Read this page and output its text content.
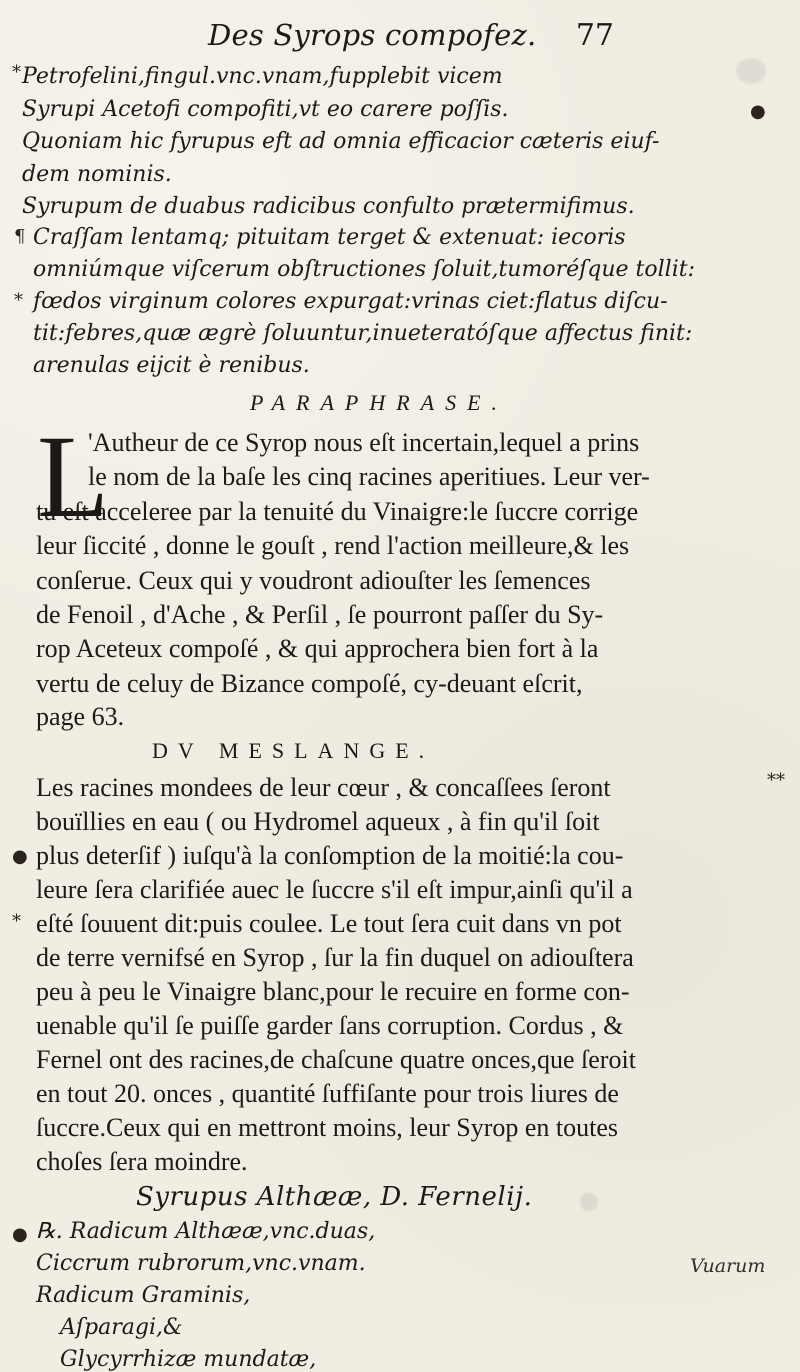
Des Syrops compofez. 77
* Petrofelini,fingul.vnc.vnam,fupplebit vicem
Syrupi Acetofi compofiti,vt eo carere poſſis.	●
Quoniam hic fyrupus eft ad omnia efficacior cæteris eiuf-
dem nominis.
Syrupum de duabus radicibus confulto prætermifimus.
¶ Craſſam lentamq; pituitam terget & extenuat: iecoris
omniúmque viſcerum obſtructiones ſoluit,tumoréſque tollit:
* fœdos virginum colores expurgat:vrinas ciet:flatus diſcu-
tit:febres,quæ ægrè ſoluuntur,inueteratóſque affectus finit:
arenulas eijcit è renibus.
PARAPHRASE.
L
'Autheur de ce Syrop nous eſt incertain,lequel a prins
le nom de la baſe les cinq racines aperitiues. Leur ver-
tu eſt acceleree par la tenuité du Vinaigre:le ſuccre corrige
leur ſiccité , donne le gouſt , rend l'action meilleure,& les
conſerue. Ceux qui y voudront adiouſter les ſemences
de Fenoil , d'Ache , & Perſil , ſe pourront paſſer du Sy-
rop Aceteux compoſé , & qui approchera bien fort à la
vertu de celuy de Bizance compoſé, cy-deuant eſcrit,
page 63.
DV MESLANGE.
**
Les racines mondees de leur cœur , & concaſſees ſeront
bouïllies en eau ( ou Hydromel aqueux , à fin qu'il ſoit
● plus deterſif ) iuſqu'à la conſomption de la moitié:la cou-
leure ſera clarifiée auec le ſuccre s'il eſt impur,ainſi qu'il a
* eſté ſouuent dit:puis coulee. Le tout ſera cuit dans vn pot
de terre vernifsé en Syrop , ſur la fin duquel on adiouſtera
peu à peu le Vinaigre blanc,pour le recuire en forme con-
uenable qu'il ſe puiſſe garder ſans corruption. Cordus , &
Fernel ont des racines,de chaſcune quatre onces,que ſeroit
en tout 20. onces , quantité ſuffiſante pour trois liures de
ſuccre.Ceux qui en mettront moins, leur Syrop en toutes
choſes ſera moindre.
Syrupus Althææ, D. Fernelij.
● ℞. Radicum Althææ,vnc.duas,
Ciccrum rubrorum,vnc.vnam.
Radicum Graminis,
Aſparagi,&
Glycyrrhizæ mundatæ,
Vuarum
